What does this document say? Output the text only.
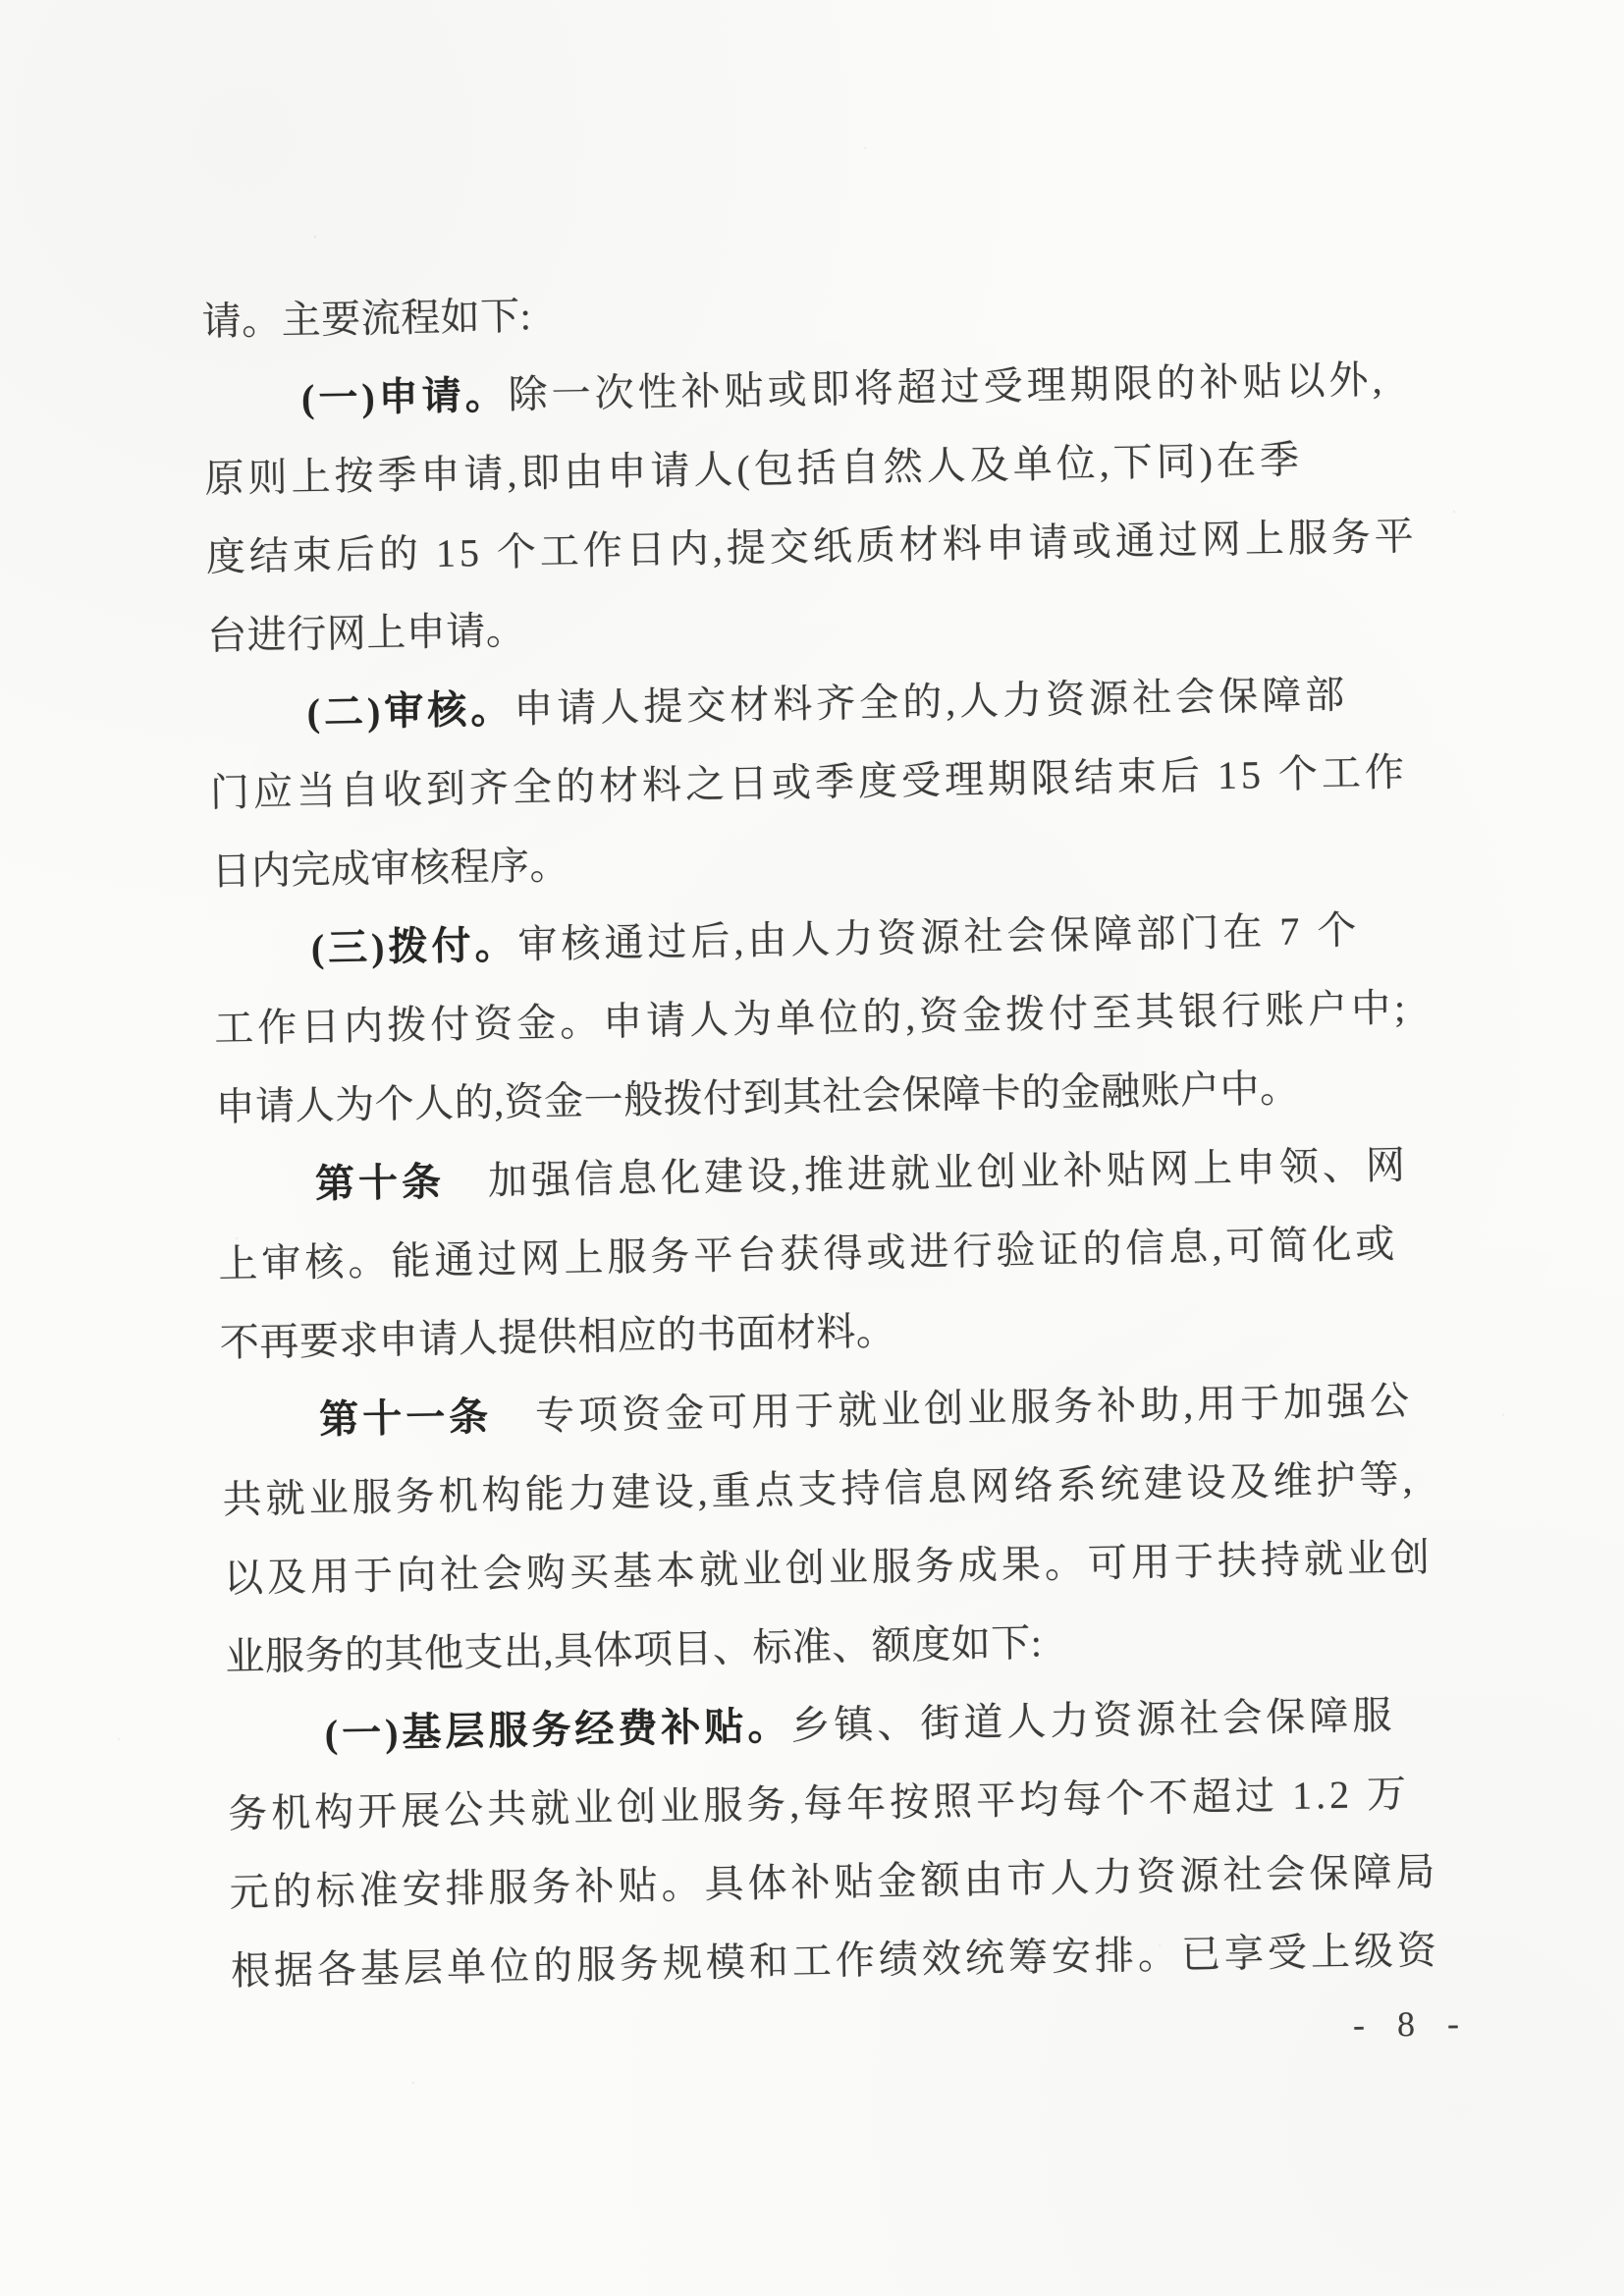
请。主要流程如下:
(一)申请。除一次性补贴或即将超过受理期限的补贴以外,
原则上按季申请,即由申请人(包括自然人及单位,下同)在季
度结束后的 15 个工作日内,提交纸质材料申请或通过网上服务平
台进行网上申请。
(二)审核。申请人提交材料齐全的,人力资源社会保障部
门应当自收到齐全的材料之日或季度受理期限结束后 15 个工作
日内完成审核程序。
(三)拨付。审核通过后,由人力资源社会保障部门在 7 个
工作日内拨付资金。申请人为单位的,资金拨付至其银行账户中;
申请人为个人的,资金一般拨付到其社会保障卡的金融账户中。
第十条　加强信息化建设,推进就业创业补贴网上申领、网
上审核。能通过网上服务平台获得或进行验证的信息,可简化或
不再要求申请人提供相应的书面材料。
第十一条　专项资金可用于就业创业服务补助,用于加强公
共就业服务机构能力建设,重点支持信息网络系统建设及维护等,
以及用于向社会购买基本就业创业服务成果。可用于扶持就业创
业服务的其他支出,具体项目、标准、额度如下:
(一)基层服务经费补贴。乡镇、街道人力资源社会保障服
务机构开展公共就业创业服务,每年按照平均每个不超过 1.2 万
元的标准安排服务补贴。具体补贴金额由市人力资源社会保障局
根据各基层单位的服务规模和工作绩效统筹安排。已享受上级资
- 8 -
